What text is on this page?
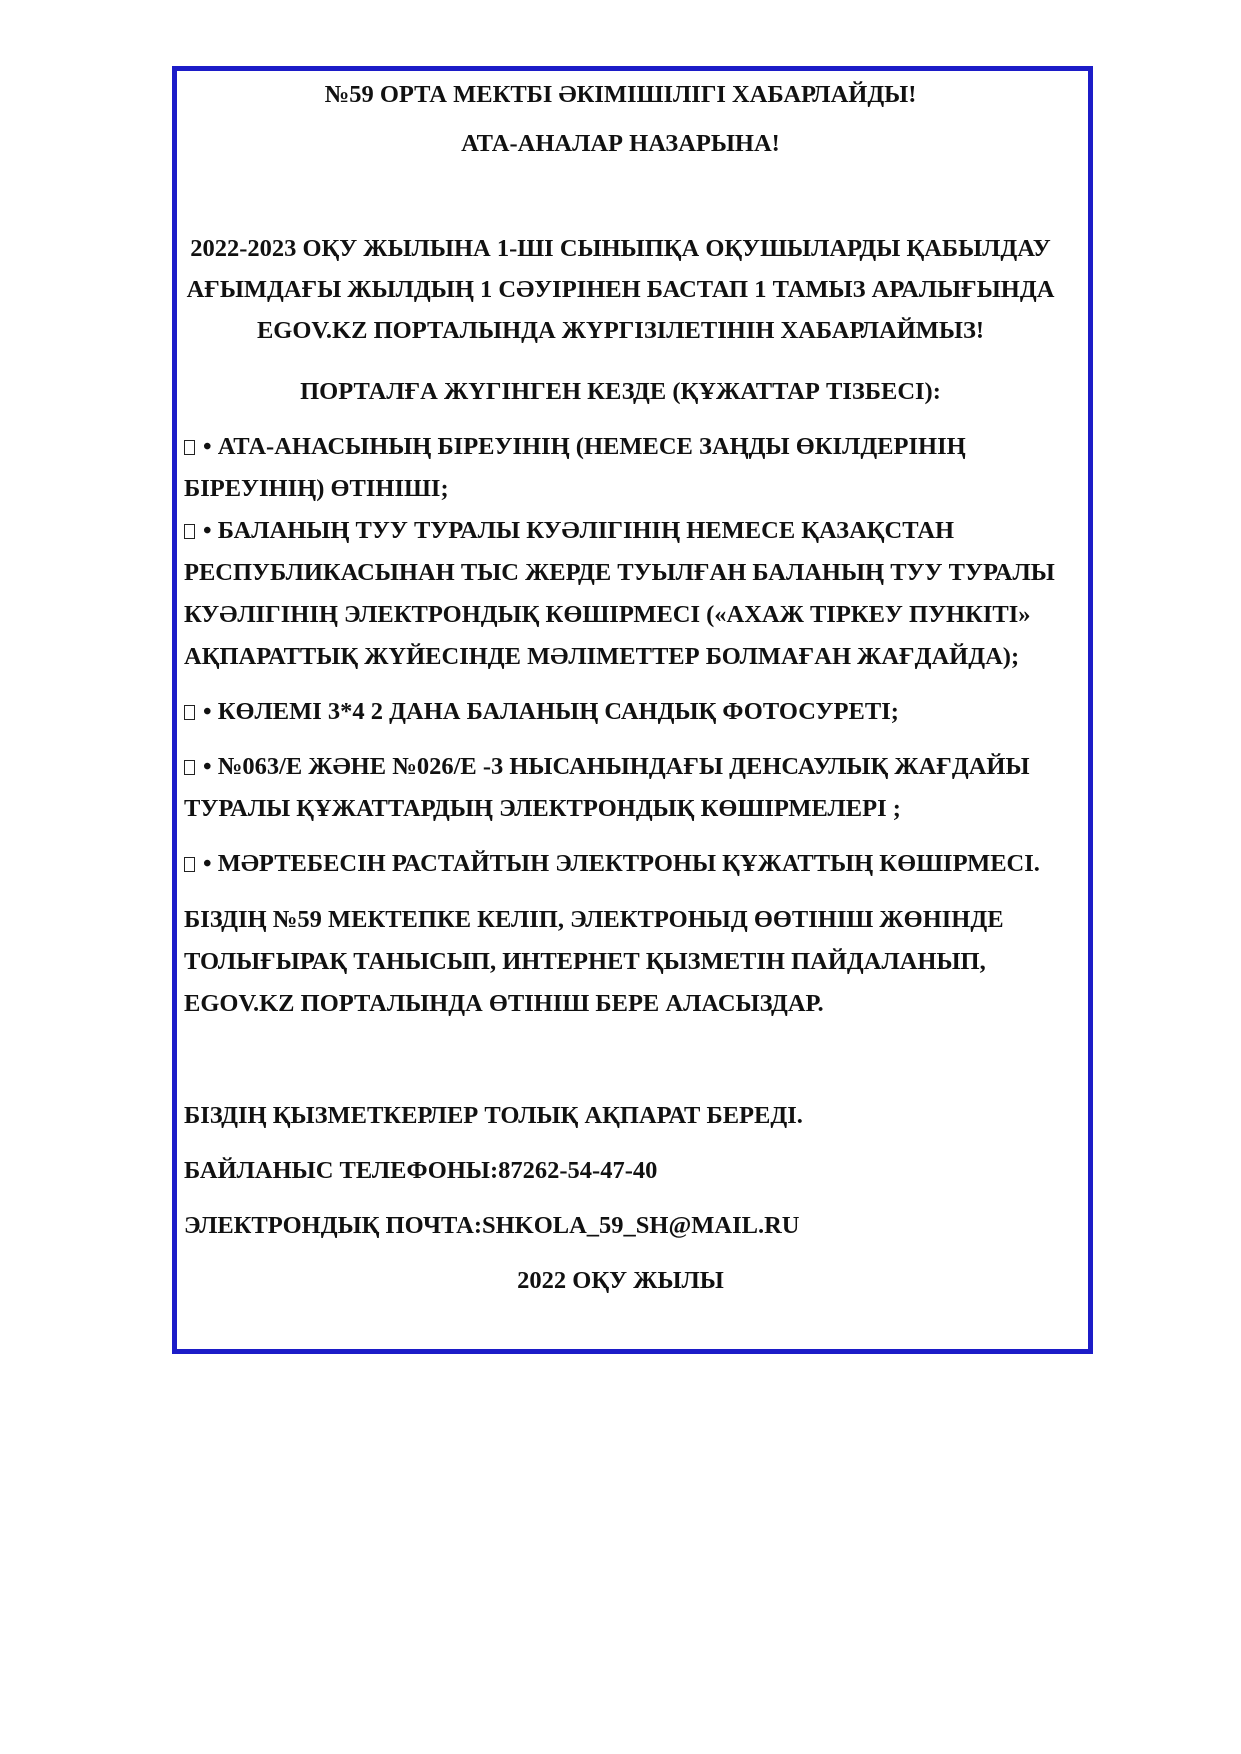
№59 ОРТА МЕКТБІ ӘКІМІШІЛІГІ ХАБАРЛАЙДЫ!
АТА-АНАЛАР НАЗАРЫНА!
2022-2023 ОҚУ ЖЫЛЫНА 1-ШІ СЫНЫПҚА ОҚУШЫЛАРДЫ ҚАБЫЛДАУ
АҒЫМДАҒЫ ЖЫЛДЫҢ 1 СӘУІРІНЕН БАСТАП 1 ТАМЫЗ АРАЛЫҒЫНДА
EGOV.KZ ПОРТАЛЫНДА ЖҮРГІЗІЛЕТІНІН ХАБАРЛАЙМЫЗ!
ПОРТАЛҒА ЖҮГІНГЕН КЕЗДЕ (ҚҰЖАТТАР ТІЗБЕСІ):
• АТА-АНАСЫНЫҢ БІРЕУІНІҢ (НЕМЕСЕ ЗАҢДЫ ӨКІЛДЕРІНІҢ
БІРЕУІНІҢ) ӨТІНІШІ;
• БАЛАНЫҢ ТУУ ТУРАЛЫ КУӘЛІГІНІҢ НЕМЕСЕ ҚАЗАҚСТАН
РЕСПУБЛИКАСЫНАН ТЫС ЖЕРДЕ ТУЫЛҒАН БАЛАНЫҢ ТУУ ТУРАЛЫ
КУӘЛІГІНІҢ ЭЛЕКТРОНДЫҚ КӨШІРМЕСІ («АХАЖ ТІРКЕУ ПУНКІТІ»
АҚПАРАТТЫҚ ЖҮЙЕСІНДЕ МӘЛІМЕТТЕР БОЛМАҒАН ЖАҒДАЙДА);
• КӨЛЕМІ 3*4 2 ДАНА БАЛАНЫҢ САНДЫҚ ФОТОСУРЕТІ;
• №063/Е ЖӘНЕ №026/Е -3 НЫСАНЫНДАҒЫ ДЕНСАУЛЫҚ ЖАҒДАЙЫ
ТУРАЛЫ ҚҰЖАТТАРДЫҢ ЭЛЕКТРОНДЫҚ КӨШІРМЕЛЕРІ ;
• МӘРТЕБЕСІН РАСТАЙТЫН ЭЛЕКТРОНЫ ҚҰЖАТТЫҢ КӨШІРМЕСІ.
БІЗДІҢ №59 МЕКТЕПКЕ КЕЛІП, ЭЛЕКТРОНЫД ӨӨТІНІШ ЖӨНІНДЕ
ТОЛЫҒЫРАҚ ТАНЫСЫП, ИНТЕРНЕТ ҚЫЗМЕТІН ПАЙДАЛАНЫП,
EGOV.KZ ПОРТАЛЫНДА ӨТІНІШ БЕРЕ АЛАСЫЗДАР.
БІЗДІҢ ҚЫЗМЕТКЕРЛЕР ТОЛЫҚ АҚПАРАТ БЕРЕДІ.
БАЙЛАНЫС ТЕЛЕФОНЫ:87262-54-47-40
ЭЛЕКТРОНДЫҚ ПОЧТА:SHKOLA_59_SH@MAIL.RU
2022 ОҚУ ЖЫЛЫ
